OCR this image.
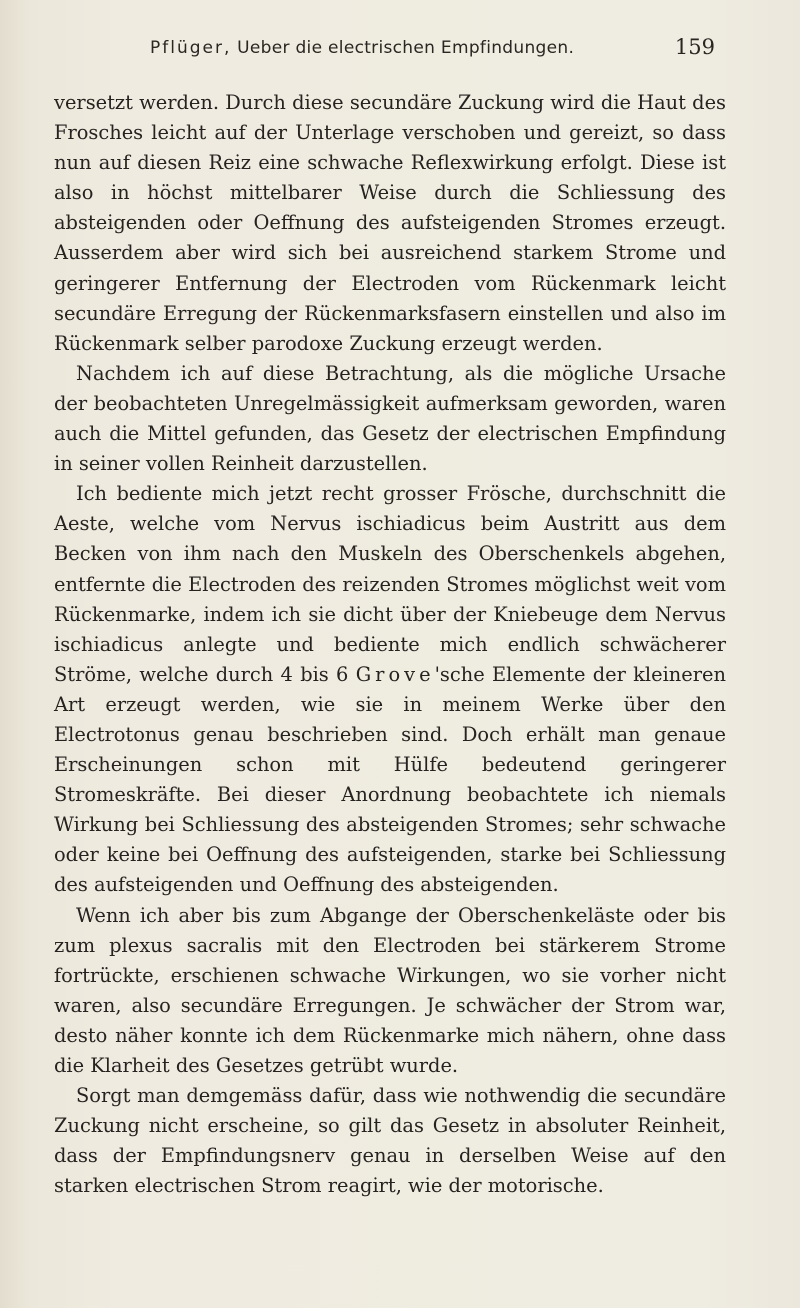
Pflüger, Ueber die electrischen Empfindungen.	159

versetzt werden. Durch diese secundäre Zuckung wird die Haut des Frosches leicht auf der Unterlage verschoben und gereizt, so dass nun auf diesen Reiz eine schwache Reflexwirkung erfolgt. Diese ist also in höchst mittelbarer Weise durch die Schliessung des absteigenden oder Oeffnung des aufsteigenden Stromes erzeugt. Ausserdem aber wird sich bei ausreichend starkem Strome und geringerer Entfernung der Electroden vom Rückenmark leicht secundäre Erregung der Rückenmarksfasern einstellen und also im Rückenmark selber parodoxe Zuckung erzeugt werden.

Nachdem ich auf diese Betrachtung, als die mögliche Ursache der beobachteten Unregelmässigkeit aufmerksam geworden, waren auch die Mittel gefunden, das Gesetz der electrischen Empfindung in seiner vollen Reinheit darzustellen.

Ich bediente mich jetzt recht grosser Frösche, durchschnitt die Aeste, welche vom Nervus ischiadicus beim Austritt aus dem Becken von ihm nach den Muskeln des Oberschenkels abgehen, entfernte die Electroden des reizenden Stromes möglichst weit vom Rückenmarke, indem ich sie dicht über der Kniebeuge dem Nervus ischiadicus anlegte und bediente mich endlich schwächerer Ströme, welche durch 4 bis 6 Grove'sche Elemente der kleineren Art erzeugt werden, wie sie in meinem Werke über den Electrotonus genau beschrieben sind. Doch erhält man genaue Erscheinungen schon mit Hülfe bedeutend geringerer Stromeskräfte. Bei dieser Anordnung beobachtete ich niemals Wirkung bei Schliessung des absteigenden Stromes; sehr schwache oder keine bei Oeffnung des aufsteigenden, starke bei Schliessung des aufsteigenden und Oeffnung des absteigenden.

Wenn ich aber bis zum Abgange der Oberschenkeläste oder bis zum plexus sacralis mit den Electroden bei stärkerem Strome fortrückte, erschienen schwache Wirkungen, wo sie vorher nicht waren, also secundäre Erregungen. Je schwächer der Strom war, desto näher konnte ich dem Rückenmarke mich nähern, ohne dass die Klarheit des Gesetzes getrübt wurde.

Sorgt man demgemäss dafür, dass wie nothwendig die secundäre Zuckung nicht erscheine, so gilt das Gesetz in absoluter Reinheit, dass der Empfindungsnerv genau in derselben Weise auf den starken electrischen Strom reagirt, wie der motorische.
